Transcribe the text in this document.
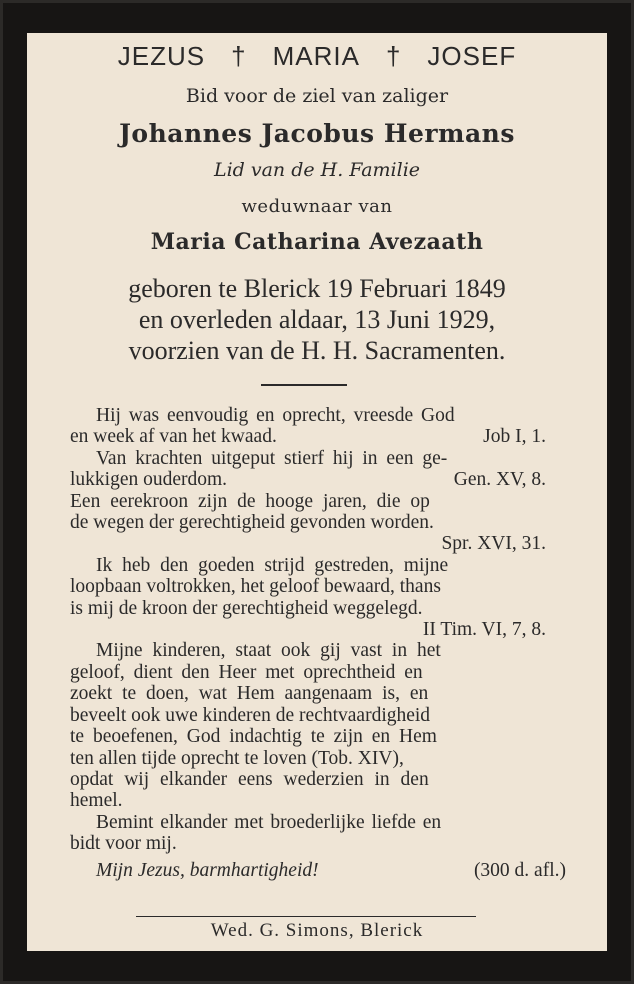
JEZUS † MARIA † JOSEF
Bid voor de ziel van zaliger
Johannes Jacobus Hermans
Lid van de H. Familie
weduwnaar van
Maria Catharina Avezaath
geboren te Blerick 19 Februari 1849
en overleden aldaar, 13 Juni 1929,
voorzien van de H. H. Sacramenten.
Hij was eenvoudig en oprecht, vreesde God
en week af van het kwaad.	Job I, 1.
Van krachten uitgeput stierf hij in een ge-
lukkigen ouderdom.	Gen. XV, 8.
Een eerekroon zijn de hooge jaren, die op
de wegen der gerechtigheid gevonden worden.
Spr. XVI, 31.
Ik heb den goeden strijd gestreden, mijne
loopbaan voltrokken, het geloof bewaard, thans
is mij de kroon der gerechtigheid weggelegd.
II Tim. VI, 7, 8.
Mijne kinderen, staat ook gij vast in het
geloof, dient den Heer met oprechtheid en
zoekt te doen, wat Hem aangenaam is, en
beveelt ook uwe kinderen de rechtvaardigheid
te beoefenen, God indachtig te zijn en Hem
ten allen tijde oprecht te loven (Tob. XIV),
opdat wij elkander eens wederzien in den
hemel.
Bemint elkander met broederlijke liefde en
bidt voor mij.
Mijn Jezus, barmhartigheid!	(300 d. afl.)
Wed. G. Simons, Blerick
